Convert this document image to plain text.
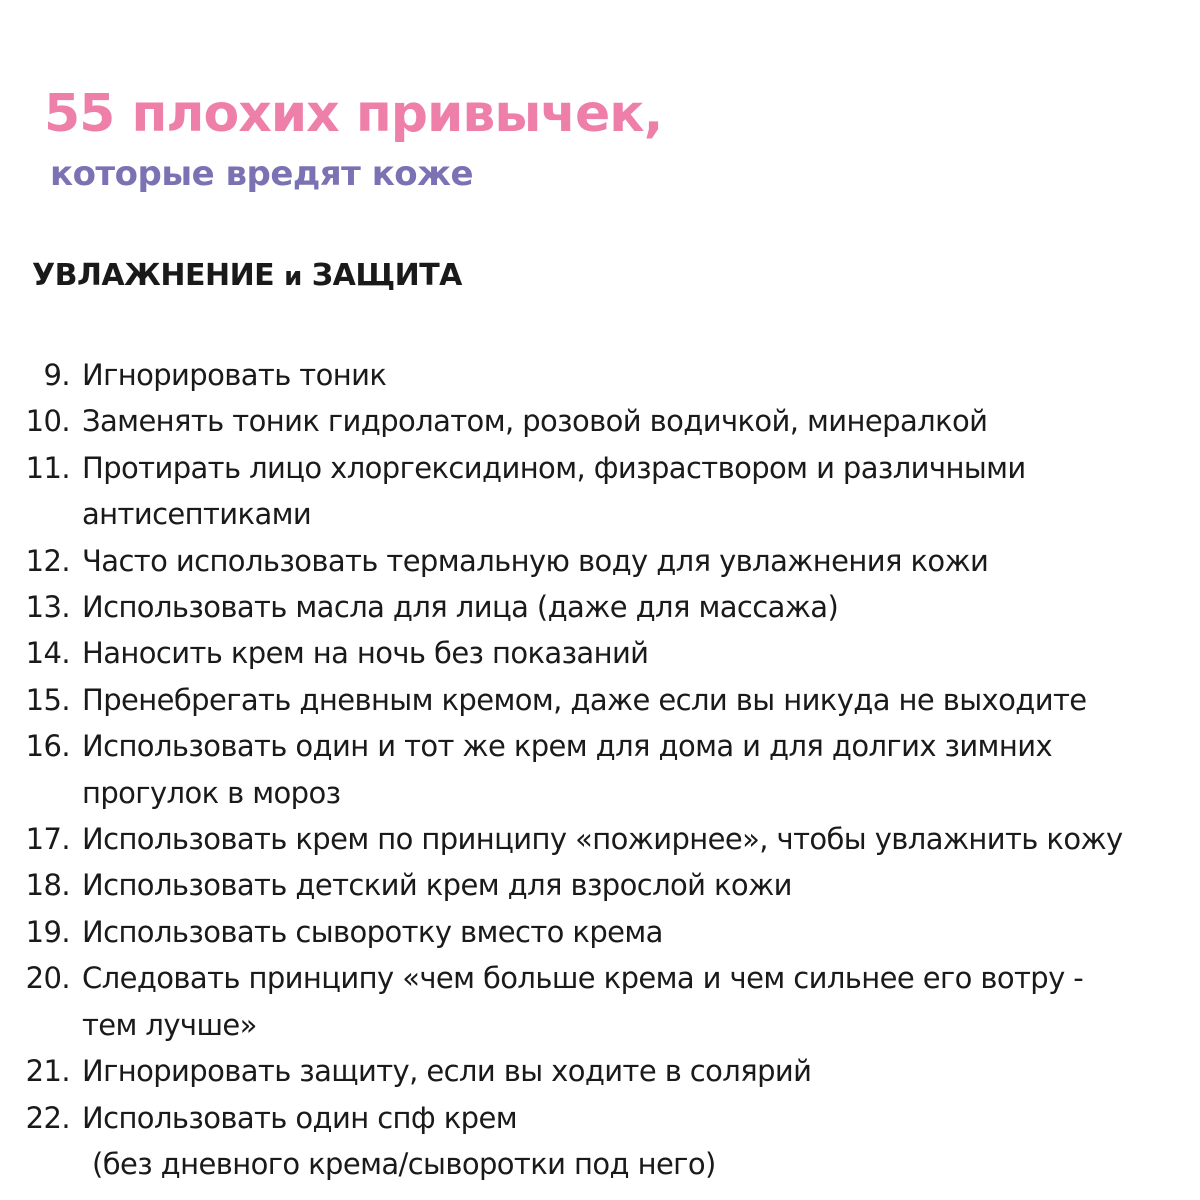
55 плохих привычек,
которые вредят коже
УВЛАЖНЕНИЕ и ЗАЩИТА
9. Игнорировать тоник
10. Заменять тоник гидролатом, розовой водичкой, минералкой
11. Протирать лицо хлоргексидином, физраствором и различными
антисептиками
12. Часто использовать термальную воду для увлажнения кожи
13. Использовать масла для лица (даже для массажа)
14. Наносить крем на ночь без показаний
15. Пренебрегать дневным кремом, даже если вы никуда не выходите
16. Использовать один и тот же крем для дома и для долгих зимних
прогулок в мороз
17. Использовать крем по принципу «пожирнее», чтобы увлажнить кожу
18. Использовать детский крем для взрослой кожи
19. Использовать сыворотку вместо крема
20. Следовать принципу «чем больше крема и чем сильнее его вотру -
тем лучше»
21. Игнорировать защиту, если вы ходите в солярий
22. Использовать один спф крем
(без дневного крема/сыворотки под него)
